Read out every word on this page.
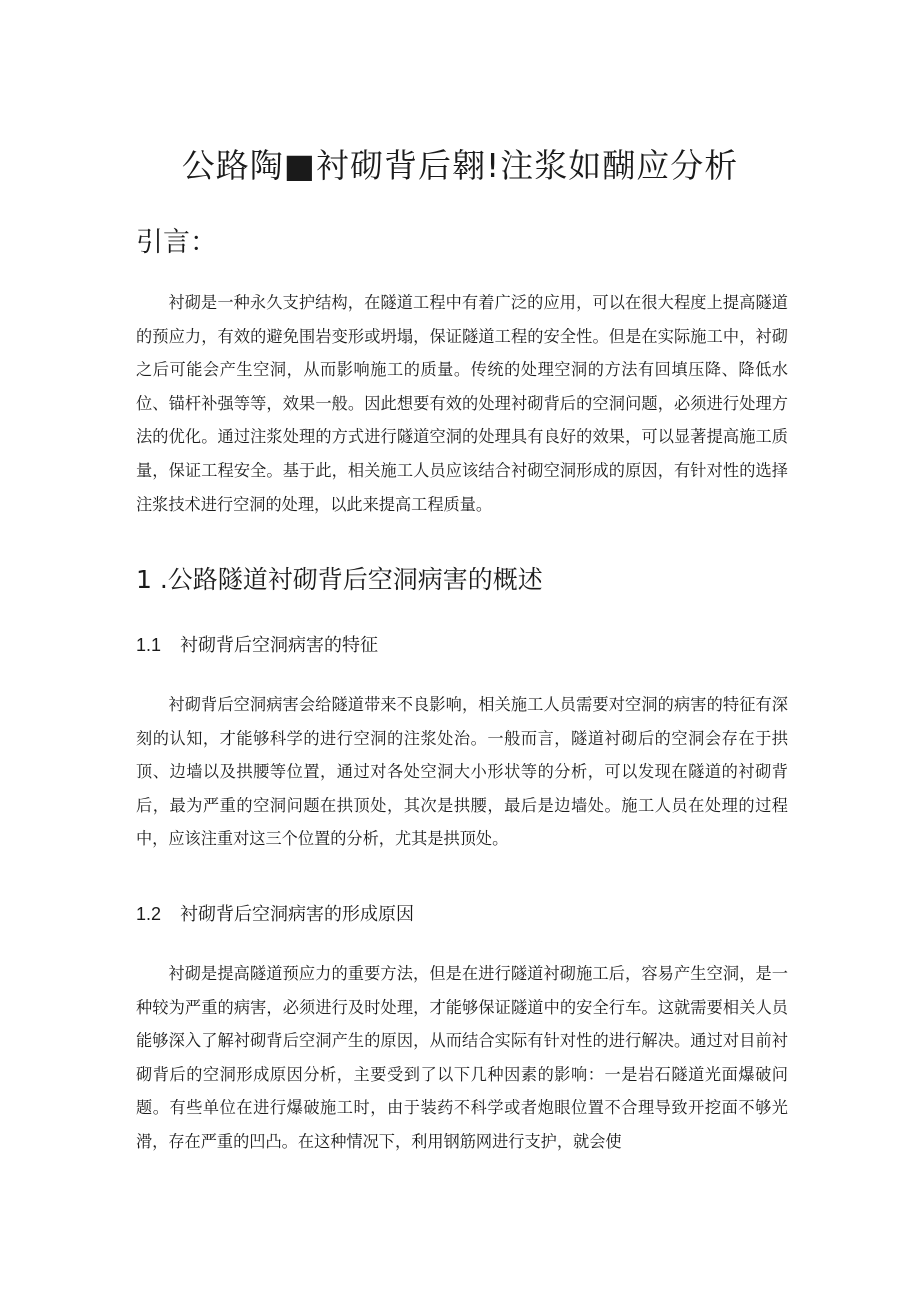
公路陶■衬砌背后翱!注浆如醐应分析
引言：

衬砌是一种永久支护结构，在隧道工程中有着广泛的应用，可以在很大程度上提高隧道的预应力，有效的避免围岩变形或坍塌，保证隧道工程的安全性。但是在实际施工中，衬砌之后可能会产生空洞，从而影响施工的质量。传统的处理空洞的方法有回填压降、降低水位、锚杆补强等等，效果一般。因此想要有效的处理衬砌背后的空洞问题，必须进行处理方法的优化。通过注浆处理的方式进行隧道空洞的处理具有良好的效果，可以显著提高施工质量，保证工程安全。基于此，相关施工人员应该结合衬砌空洞形成的原因，有针对性的选择注浆技术进行空洞的处理，以此来提高工程质量。

1 .公路隧道衬砌背后空洞病害的概述
1.1 衬砌背后空洞病害的特征

衬砌背后空洞病害会给隧道带来不良影响，相关施工人员需要对空洞的病害的特征有深刻的认知，才能够科学的进行空洞的注浆处治。一般而言，隧道衬砌后的空洞会存在于拱顶、边墙以及拱腰等位置，通过对各处空洞大小形状等的分析，可以发现在隧道的衬砌背后，最为严重的空洞问题在拱顶处，其次是拱腰，最后是边墙处。施工人员在处理的过程中，应该注重对这三个位置的分析，尤其是拱顶处。

1.2 衬砌背后空洞病害的形成原因

衬砌是提高隧道预应力的重要方法，但是在进行隧道衬砌施工后，容易产生空洞，是一种较为严重的病害，必须进行及时处理，才能够保证隧道中的安全行车。这就需要相关人员能够深入了解衬砌背后空洞产生的原因，从而结合实际有针对性的进行解决。通过对目前衬砌背后的空洞形成原因分析，主要受到了以下几种因素的影响：一是岩石隧道光面爆破问题。有些单位在进行爆破施工时，由于装药不科学或者炮眼位置不合理导致开挖面不够光滑，存在严重的凹凸。在这种情况下，利用钢筋网进行支护，就会使
